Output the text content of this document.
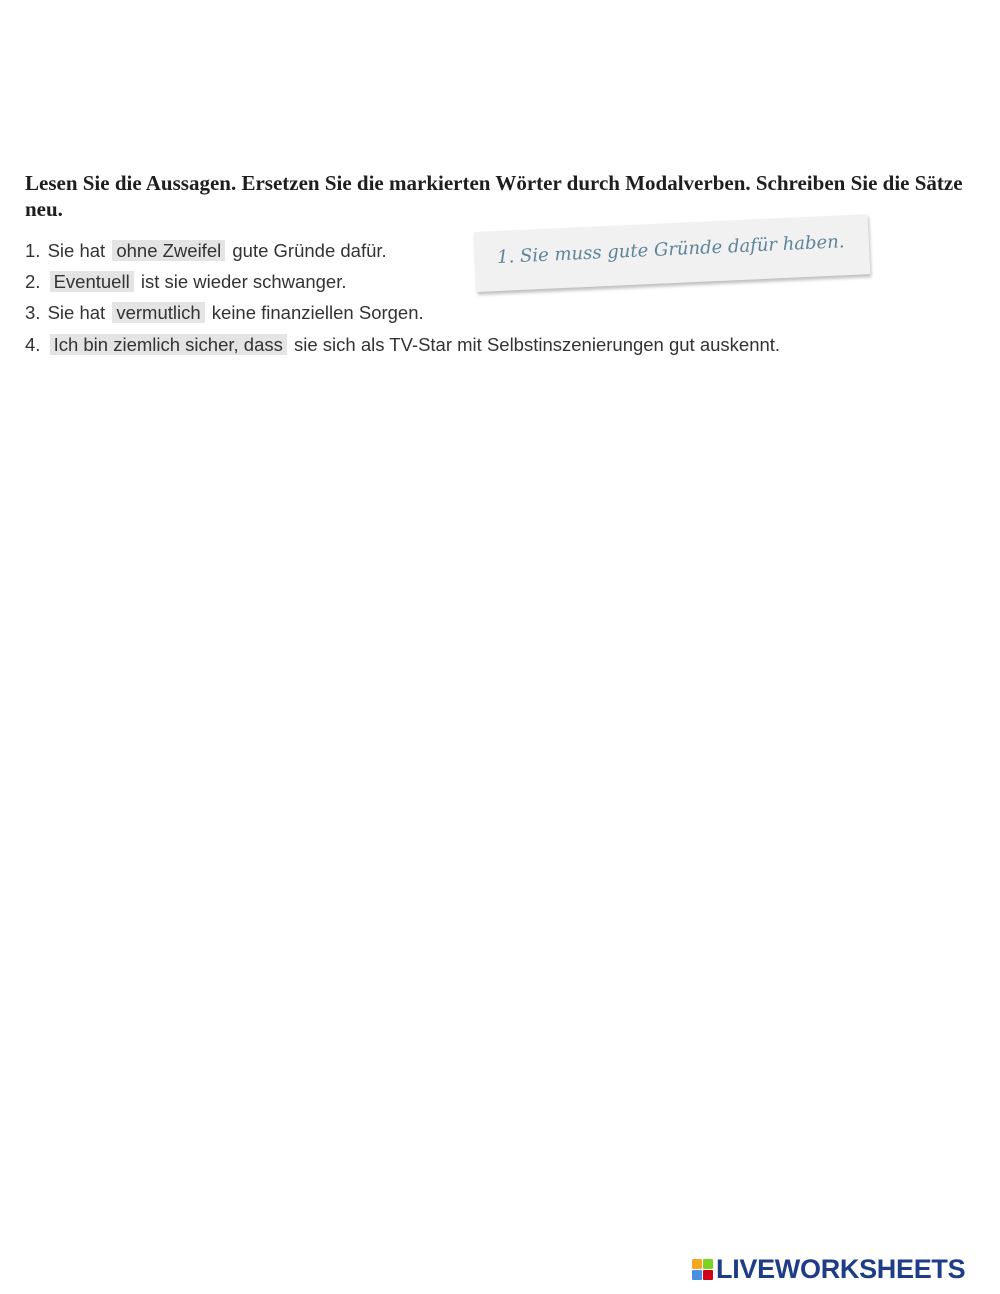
Lesen Sie die Aussagen. Ersetzen Sie die markierten Wörter durch Modalverben. Schreiben Sie die Sätze neu.

1. Sie hat ohne Zweifel gute Gründe dafür.
2. Eventuell ist sie wieder schwanger.
3. Sie hat vermutlich keine finanziellen Sorgen.
4. Ich bin ziemlich sicher, dass sie sich als TV-Star mit Selbstinszenierungen gut auskennt.
1. Sie muss gute Gründe dafür haben.
LIVEWORKSHEETS
